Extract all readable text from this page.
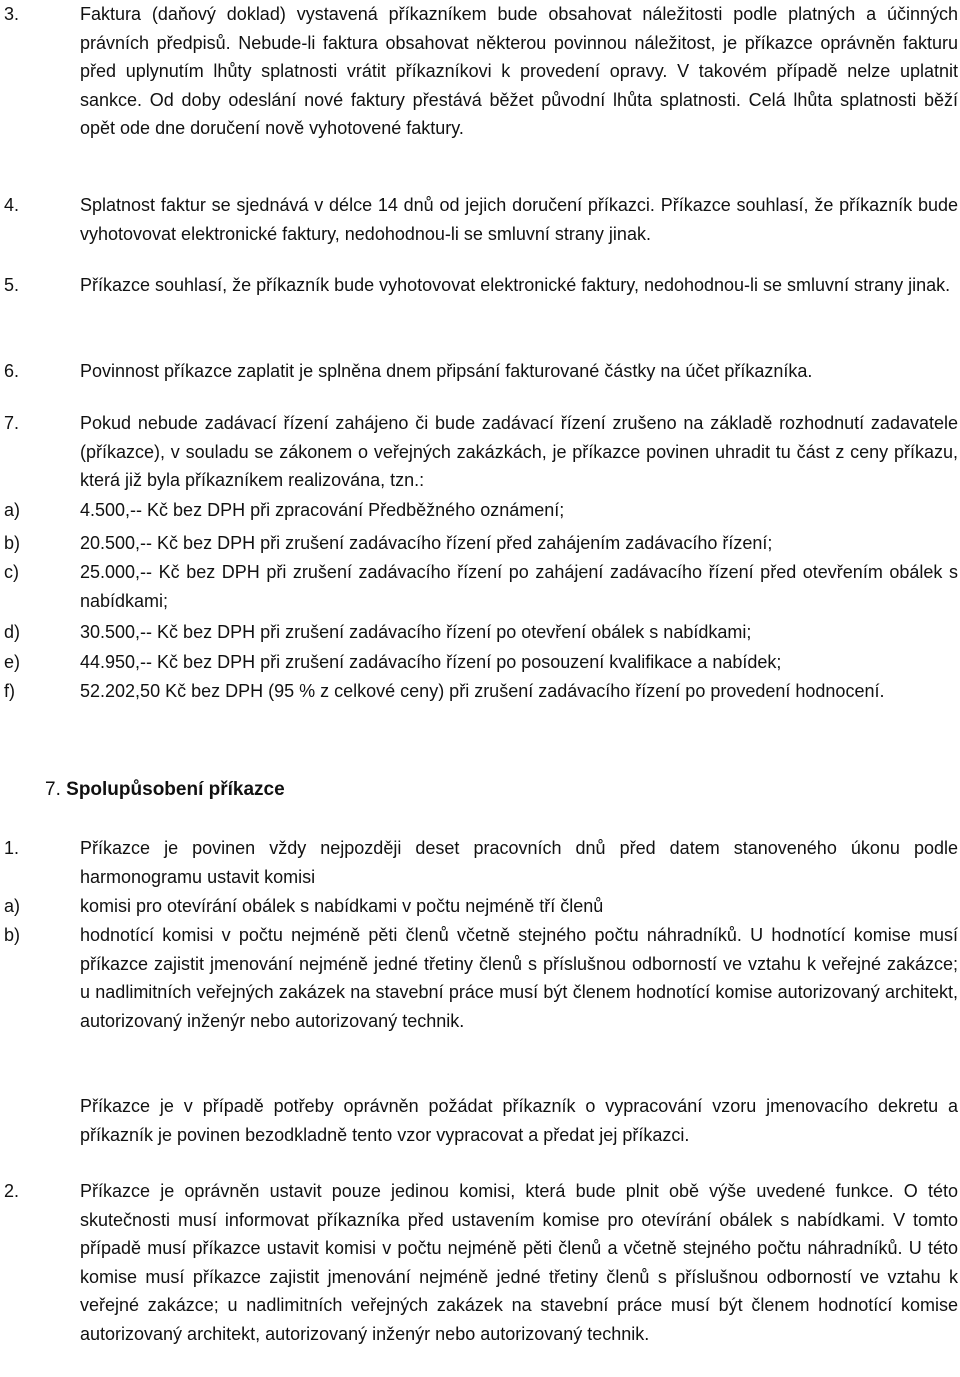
3.	Faktura (daňový doklad) vystavená příkazníkem bude obsahovat náležitosti podle platných a účinných právních předpisů. Nebude-li faktura obsahovat některou povinnou náležitost, je příkazce oprávněn fakturu před uplynutím lhůty splatnosti vrátit příkazníkovi k provedení opravy. V takovém případě nelze uplatnit sankce. Od doby odeslání nové faktury přestává běžet původní lhůta splatnosti. Celá lhůta splatnosti běží opět ode dne doručení nově vyhotovené faktury.
4.	Splatnost faktur se sjednává v délce 14 dnů od jejich doručení příkazci. Příkazce souhlasí, že příkazník bude vyhotovovat elektronické faktury, nedohodnou-li se smluvní strany jinak.
5.	Příkazce souhlasí, že příkazník bude vyhotovovat elektronické faktury, nedohodnou-li se smluvní strany jinak.
6.	Povinnost příkazce zaplatit je splněna dnem připsání fakturované částky na účet příkazníka.
7.	Pokud nebude zadávací řízení zahájeno či bude zadávací řízení zrušeno na základě rozhodnutí zadavatele (příkazce), v souladu se zákonem o veřejných zakázkách, je příkazce povinen uhradit tu část z ceny příkazu, která již byla příkazníkem realizována, tzn.:
a)	4.500,-- Kč bez DPH při zpracování Předběžného oznámení;
b)	20.500,-- Kč bez DPH při zrušení zadávacího řízení před zahájením zadávacího řízení;
c)	25.000,-- Kč bez DPH při zrušení zadávacího řízení po zahájení zadávacího řízení před otevřením obálek s nabídkami;
d)	30.500,-- Kč bez DPH při zrušení zadávacího řízení po otevření obálek s nabídkami;
e)	44.950,-- Kč bez DPH při zrušení zadávacího řízení po posouzení kvalifikace a nabídek;
f)	52.202,50 Kč bez DPH (95 % z celkové ceny) při zrušení zadávacího řízení po provedení hodnocení.
7. Spolupůsobení příkazce
1.	Příkazce je povinen vždy nejpozději deset pracovních dnů před datem stanoveného úkonu podle harmonogramu ustavit komisi
a)	komisi pro otevírání obálek s nabídkami v počtu nejméně tří členů
b)	hodnotící komisi v počtu nejméně pěti členů včetně stejného počtu náhradníků. U hodnotící komise musí příkazce zajistit jmenování nejméně jedné třetiny členů s příslušnou odborností ve vztahu k veřejné zakázce; u nadlimitních veřejných zakázek na stavební práce musí být členem hodnotící komise autorizovaný architekt, autorizovaný inženýr nebo autorizovaný technik.
Příkazce je v případě potřeby oprávněn požádat příkazník o vypracování vzoru jmenovacího dekretu a příkazník je povinen bezodkladně tento vzor vypracovat a předat jej příkazci.
2.	Příkazce je oprávněn ustavit pouze jedinou komisi, která bude plnit obě výše uvedené funkce. O této skutečnosti musí informovat příkazníka před ustavením komise pro otevírání obálek s nabídkami. V tomto případě musí příkazce ustavit komisi v počtu nejméně pěti členů a včetně stejného počtu náhradníků. U této komise musí příkazce zajistit jmenování nejméně jedné třetiny členů s příslušnou odborností ve vztahu k veřejné zakázce; u nadlimitních veřejných zakázek na stavební práce musí být členem hodnotící komise autorizovaný architekt, autorizovaný inženýr nebo autorizovaný technik.
